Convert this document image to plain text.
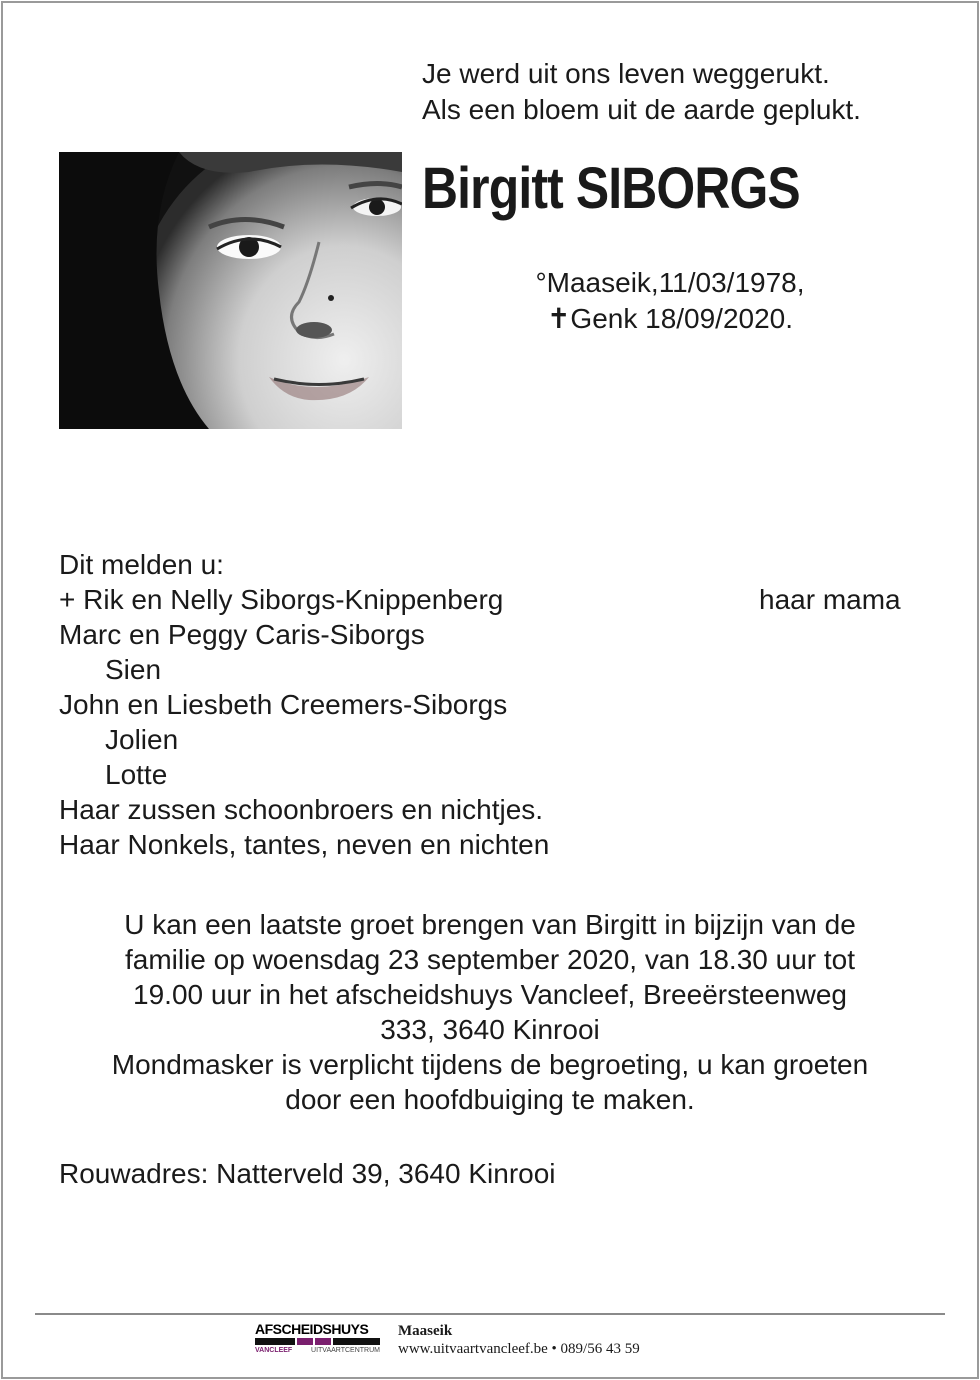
Je werd uit ons leven weggerukt.
Als een bloem uit de aarde geplukt.
Birgitt SIBORGS
°Maaseik,11/03/1978,
✝Genk 18/09/2020.
Dit melden u:
+ Rik en Nelly Siborgs-Knippenberg	haar mama
Marc en Peggy Caris-Siborgs
Sien
John en Liesbeth Creemers-Siborgs
Jolien
Lotte
Haar zussen schoonbroers en nichtjes.
Haar Nonkels, tantes, neven en nichten
U kan een laatste groet brengen van Birgitt in bijzijn van de
familie op woensdag 23 september 2020, van 18.30 uur tot
19.00 uur in het afscheidshuys Vancleef, Breeërsteenweg
333, 3640 Kinrooi
Mondmasker is verplicht tijdens de begroeting, u kan groeten
door een hoofdbuiging te maken.
Rouwadres: Natterveld 39, 3640 Kinrooi
AFSCHEIDSHUYS
VANCLEEF	UITVAARTCENTRUM
Maaseik
www.uitvaartvancleef.be • 089/56 43 59
